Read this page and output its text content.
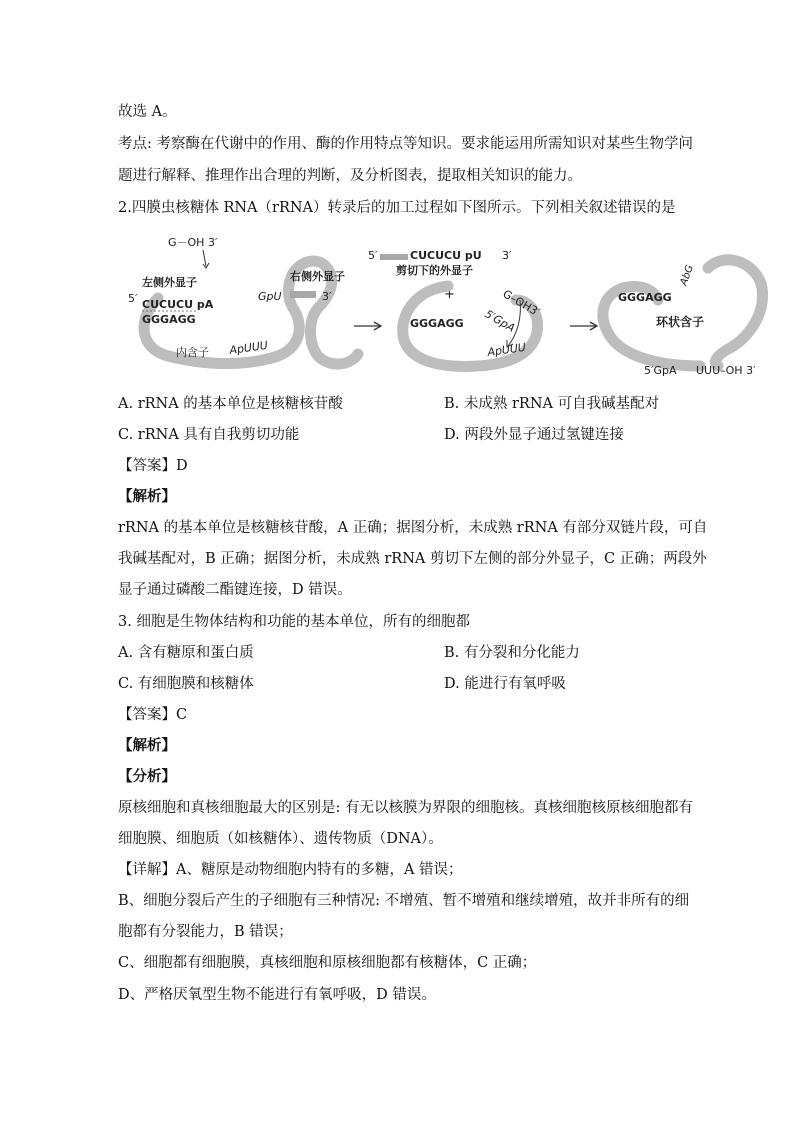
故选 A。
考点: 考察酶在代谢中的作用、酶的作用特点等知识。要求能运用所需知识对某些生物学问
题进行解释、推理作出合理的判断，及分析图表，提取相关知识的能力。
2.四膜虫核糖体 RNA（rRNA）转录后的加工过程如下图所示。下列相关叙述错误的是
G－OH 3′
左侧外显子
5′ CUCUCU pA
GGGAGG
内含子 ApUUU
右侧外显子
GpU	3′
5′	CUCUCU pU 3′
剪切下的外显子
+
GGGAGG
G–OH3′
5′GpA
ApUUU
GGGAGG
AbG
环状含子
5′GpA UUU–OH 3′
A. rRNA 的基本单位是核糖核苷酸	B. 未成熟 rRNA 可自我碱基配对
C. rRNA 具有自我剪切功能	D. 两段外显子通过氢键连接
【答案】D
【解析】
rRNA 的基本单位是核糖核苷酸，A 正确；据图分析，未成熟 rRNA 有部分双链片段，可自
我碱基配对，B 正确；据图分析，未成熟 rRNA 剪切下左侧的部分外显子，C 正确；两段外
显子通过磷酸二酯键连接，D 错误。
3. 细胞是生物体结构和功能的基本单位，所有的细胞都
A. 含有糖原和蛋白质	B. 有分裂和分化能力
C. 有细胞膜和核糖体	D. 能进行有氧呼吸
【答案】C
【解析】
【分析】
原核细胞和真核细胞最大的区别是: 有无以核膜为界限的细胞核。真核细胞核原核细胞都有
细胞膜、细胞质（如核糖体）、遗传物质（DNA）。
【详解】A、糖原是动物细胞内特有的多糖，A 错误；
B、细胞分裂后产生的子细胞有三种情况: 不增殖、暂不增殖和继续增殖，故并非所有的细
胞都有分裂能力，B 错误；
C、细胞都有细胞膜，真核细胞和原核细胞都有核糖体，C 正确；
D、严格厌氧型生物不能进行有氧呼吸，D 错误。
